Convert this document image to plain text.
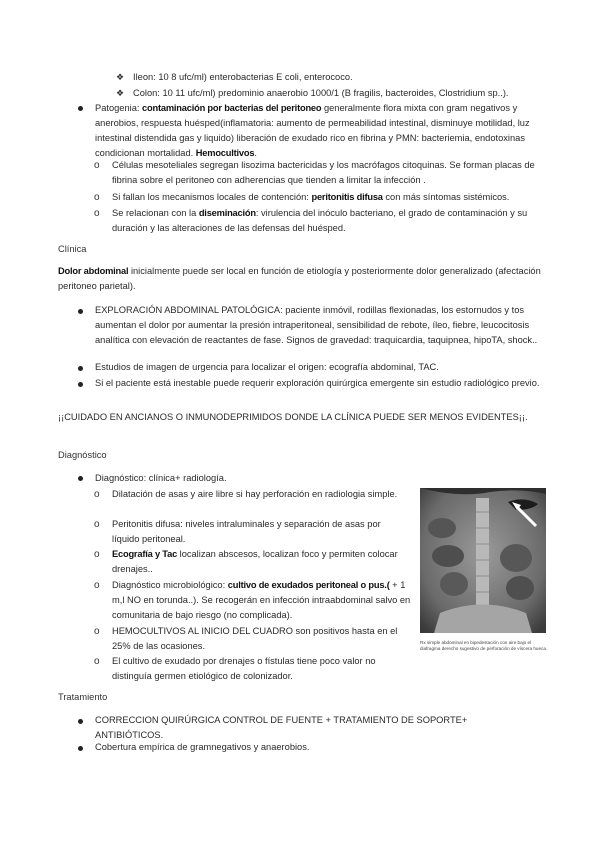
❖ Ileon: 10 8 ufc/ml) enterobacterias E coli, enterococo.
❖ Colon: 10 11 ufc/ml) predominio anaerobio 1000/1 (B fragilis, bacteroides, Clostridium sp..).
Patogenia: contaminación por bacterias del peritoneo generalmente flora mixta con gram negativos y anerobios, respuesta huésped(inflamatoria: aumento de permeabilidad intestinal, disminuye motilidad, luz intestinal distendida gas y liquido) liberación de exudado rico en fibrina y PMN: bacteriemia, endotoxinas condicionan mortalidad. Hemocultivos.
o Células mesoteliales segregan lisozima bactericidas y los macrófagos citoquinas. Se forman placas de fibrina sobre el peritoneo con adherencias que tienden a limitar la infección .
o Si fallan los mecanismos locales de contención: peritonitis difusa con más síntomas sistémicos.
o Se relacionan con la diseminación: virulencia del inóculo bacteriano, el grado de contaminación y su duración y las alteraciones de las defensas del huésped.
Clínica
Dolor abdominal inicialmente puede ser local en función de etiología y posteriormente dolor generalizado (afectación peritoneo parietal).
EXPLORACIÓN ABDOMINAL PATOLÓGICA: paciente inmóvil, rodillas flexionadas, los estornudos y tos aumentan el dolor por aumentar la presión intraperitoneal, sensibilidad de rebote, íleo, fiebre, leucocitosis analítica con elevación de reactantes de fase. Signos de gravedad: traquicardia, taquipnea, hipoTA, shock..
Estudios de imagen de urgencia para localizar el origen: ecografía abdominal, TAC.
Si el paciente está inestable puede requerir exploración quirúrgica emergente sin estudio radiológico previo.
¡¡CUIDADO EN ANCIANOS O INMUNODEPRIMIDOS DONDE LA CLÍNICA PUEDE SER MENOS EVIDENTES¡¡.
Diagnóstico
Diagnóstico: clínica+ radiología.
o Dilatación de asas y aire libre si hay perforación en radiologia simple.
o Peritonitis difusa: niveles intraluminales y separación de asas por líquido peritoneal.
o Ecografía y Tac localizan abscesos, localizan foco y permiten colocar drenajes..
o Diagnóstico microbiológico: cultivo de exudados peritoneal o pus.( + 1 m,l NO en torunda..). Se recogerán en infección intraabdominal salvo en comunitaria de bajo riesgo (no complicada).
o HEMOCULTIVOS AL INICIO DEL CUADRO son positivos hasta en el 25% de las ocasiones.
o El cultivo de exudado por drenajes o fístulas tiene poco valor no distinguía germen etiológico de colonizador.
Rx simple abdominal en bipedestación con aire bajo el diafragma derecho sugestivo de perforación de víscera hueca.
Tratamiento
CORRECCION QUIRÚRGICA CONTROL DE FUENTE + TRATAMIENTO DE SOPORTE+ ANTIBIÓTICOS.
Cobertura empírica de gramnegativos y anaerobios.
